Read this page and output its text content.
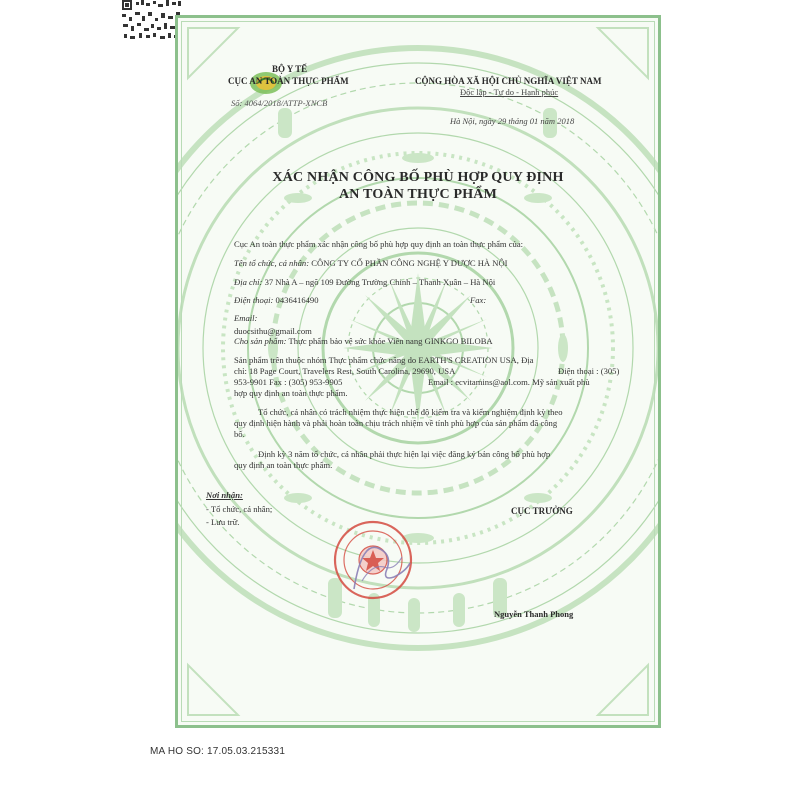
BỘ Y TẾ
CỤC AN TOÀN THỰC PHẨM
Số: 4064/2018/ATTP-XNCB
CỘNG HÒA XÃ HỘI CHỦ NGHĨA VIỆT NAM
Độc lập - Tự do - Hạnh phúc
Hà Nội, ngày 29 tháng 01 năm 2018
XÁC NHẬN CÔNG BỐ PHÙ HỢP QUY ĐỊNH
AN TOÀN THỰC PHẨM
Cục An toàn thực phẩm xác nhận công bố phù hợp quy định an toàn thực phẩm của:
Tên tổ chức, cá nhân: CÔNG TY CỔ PHẦN CÔNG NGHỆ Y DƯỢC HÀ NỘI
Địa chỉ: 37 Nhà A – ngõ 109 Đường Trường Chinh – Thanh Xuân – Hà Nội
Điện thoại: 0436416490	Fax:
Email:
duocsithu@gmail.com
Cho sản phẩm: Thực phẩm bảo vệ sức khỏe Viên nang GINKGO BILOBA
Sản phẩm trên thuộc nhóm Thực phẩm chức năng do EARTH'S CREATION USA, Địa
chỉ: 18 Page Court, Travelers Rest, South Carolina, 29690, USA	Điện thoại : (305)
953-9901 Fax : (305) 953-9905	Email : ecvitamins@aol.com. Mỹ sản xuất phù
hợp quy định an toàn thực phẩm.
Tổ chức, cá nhân có trách nhiệm thực hiện chế độ kiểm tra và kiểm nghiệm định kỳ theo
quy định hiện hành và phải hoàn toàn chịu trách nhiệm về tính phù hợp của sản phẩm đã công
bố.
Định kỳ 3 năm tổ chức, cá nhân phải thực hiện lại việc đăng ký bản công bố phù hợp
quy định an toàn thực phẩm.
Nơi nhận:
- Tổ chức, cá nhân;
- Lưu trữ.
CỤC TRƯỞNG
Nguyễn Thanh Phong
MA HO SO: 17.05.03.215331
